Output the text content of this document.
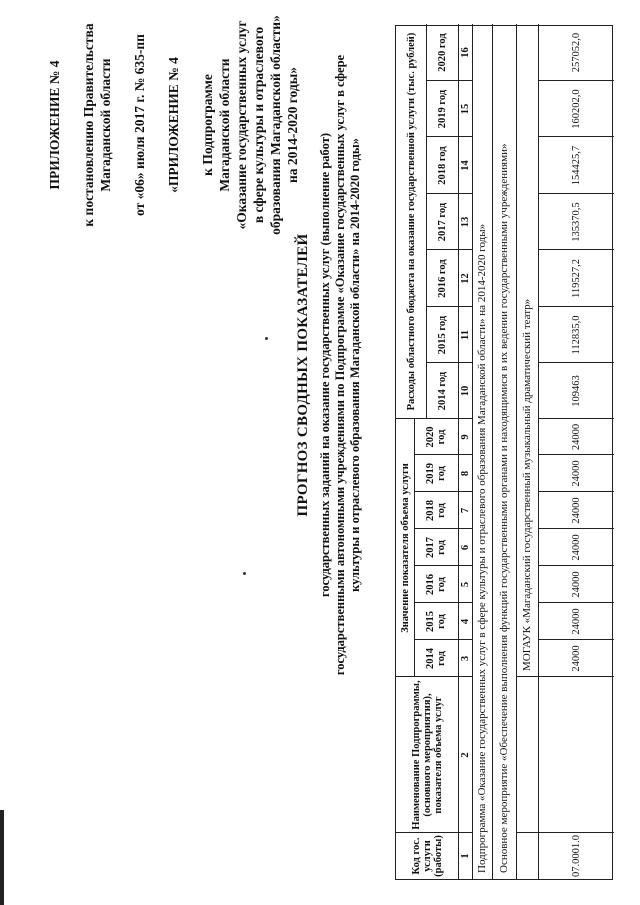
ПРИЛОЖЕНИЕ № 4 к постановлению Правительства Магаданской области от «06» июля 2017 г. № 635-пп «ПРИЛОЖЕНИЕ № 4 к Подпрограмме Магаданской области «Оказание государственных услуг в сфере культуры и отраслевого образования Магаданской области» на 2014-2020 годы»
ПРОГНОЗ СВОДНЫХ ПОКАЗАТЕЛЕЙ государственных заданий на оказание государственных услуг (выполнение работ) государственными автономными учреждениями по Подпрограмме «Оказание государственных услуг в сфере культуры и отраслевого образования Магаданской области» на 2014-2020 годы»
Код гос. услуги (работы)
Наименование Подпрограммы, (основного мероприятия), показателя объема услуг
Значение показателя объема услуги
Расходы областного бюджета на оказание государственной услуги (тыс. рублей)
2014 год
2014 год
2015 год
2015 год
2016 год
2016 год
2017 год
2017 год
2018 год
2018 год
2019 год
2019 год
2020 год
2020 год
1
2
3
4
5
6
7
8
9
10
11
12
13
14
15
16
Подпрограмма «Оказание государственных услуг в сфере культуры и отраслевого образования Магаданской области» на 2014-2020 годы» Основное мероприятие «Обеспечение выполнения функций государственными органами и находящимися в их ведении государственными учреждениями»	МОГАУК «Магаданский государственный музыкальный драматический театр»
07.0001.0
24000
109463
24000
112835,0
24000
119527,2
24000
135370,5
24000
154425,7
24000
160202,0
24000
257052,0
